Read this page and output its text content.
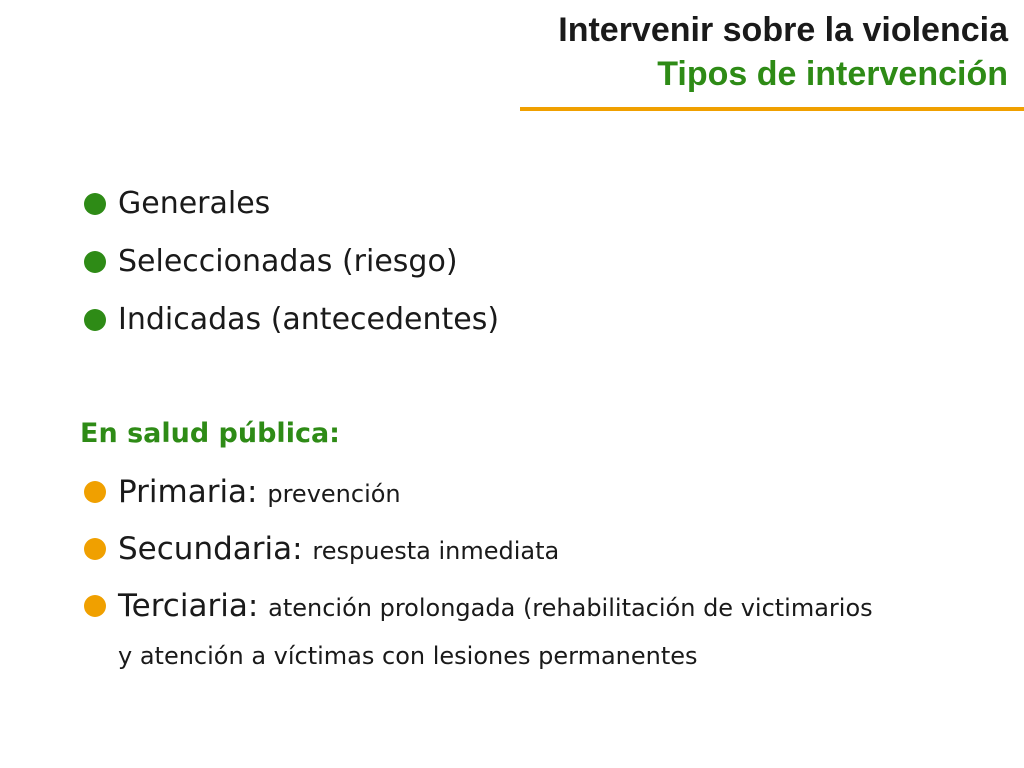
Intervenir sobre la violencia
Tipos de intervención
Generales
Seleccionadas (riesgo)
Indicadas (antecedentes)
En salud pública:
Primaria: prevención
Secundaria: respuesta inmediata
Terciaria: atención prolongada (rehabilitación de victimarios
y atención a víctimas con lesiones permanentes
